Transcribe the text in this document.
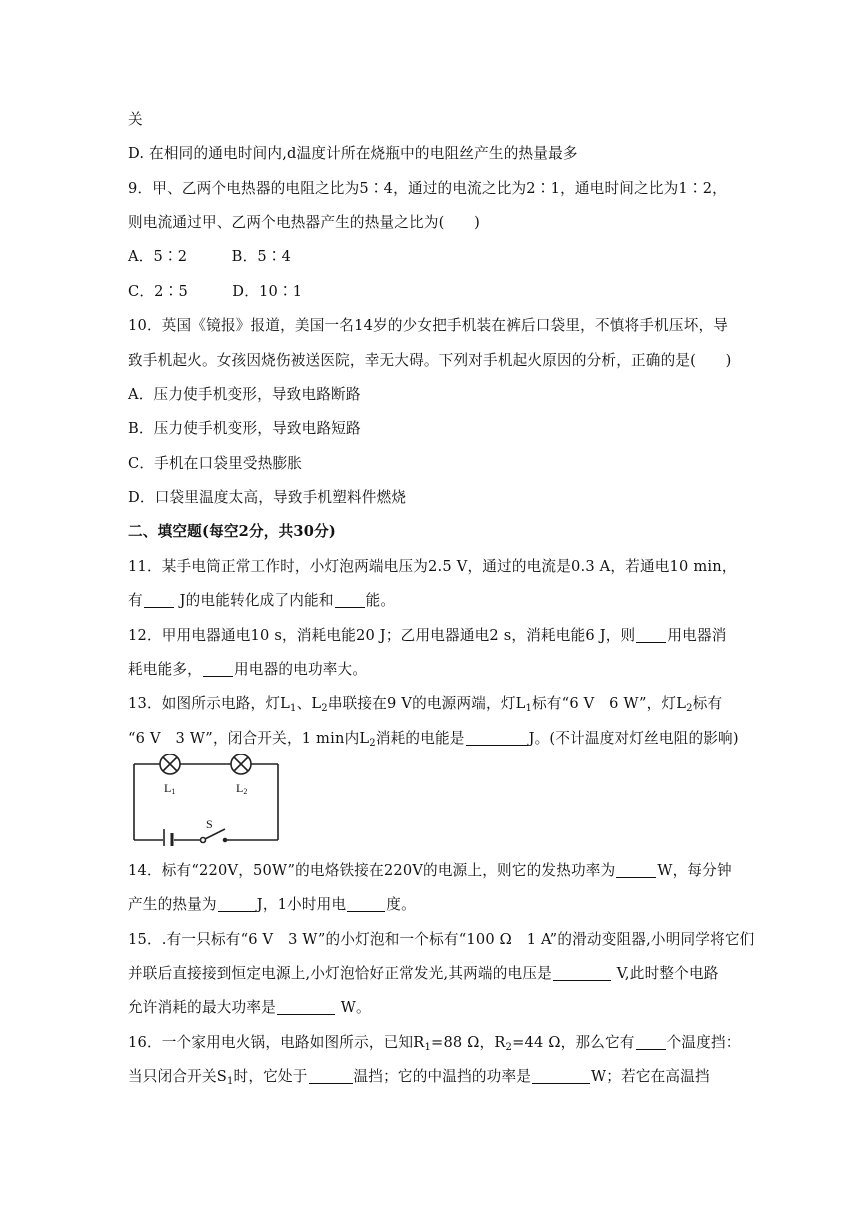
关
D. 在相同的通电时间内,d温度计所在烧瓶中的电阻丝产生的热量最多
9．甲、乙两个电热器的电阻之比为5∶4，通过的电流之比为2∶1，通电时间之比为1∶2，
则电流通过甲、乙两个电热器产生的热量之比为(　　)
A．5∶2　　　B．5∶4
C．2∶5　　　D．10∶1
10．英国《镜报》报道，美国一名14岁的少女把手机装在裤后口袋里，不慎将手机压坏，导
致手机起火。女孩因烧伤被送医院，幸无大碍。下列对手机起火原因的分析，正确的是(　　)
A．压力使手机变形，导致电路断路
B．压力使手机变形，导致电路短路
C．手机在口袋里受热膨胀
D．口袋里温度太高，导致手机塑料件燃烧
二、填空题(每空2分，共30分)
11．某手电筒正常工作时，小灯泡两端电压为2.5 V，通过的电流是0.3 A，若通电10 min，
有 J的电能转化成了内能和 能。
12．甲用电器通电10 s，消耗电能20 J；乙用电器通电2 s，消耗电能6 J，则 用电器消
耗电能多， 用电器的电功率大。
13．如图所示电路，灯$L_1$、$L_2$串联接在9 V的电源两端，灯$L_1$标有“6 V　6 W”，灯$L_2$标有
“6 V　3 W”，闭合开关，1 min内$L_2$消耗的电能是	J。(不计温度对灯丝电阻的影响)
L1	L2
S
14．标有“220V，50W”的电烙铁接在220V的电源上，则它的发热功率为	W，每分钟
产生的热量为	J，1小时用电	度。
15．.有一只标有“6 V　3 W”的小灯泡和一个标有“100 Ω　1 A”的滑动变阻器,小明同学将它们
并联后直接接到恒定电源上,小灯泡恰好正常发光,其两端的电压是	V,此时整个电路
允许消耗的最大功率是	W。
16．一个家用电火锅，电路如图所示，已知$R_1=88$ Ω，$R_2=44$ Ω，那么它有 个温度挡：
当只闭合开关$S_1$时，它处于	温挡；它的中温挡的功率是	W；若它在高温挡
